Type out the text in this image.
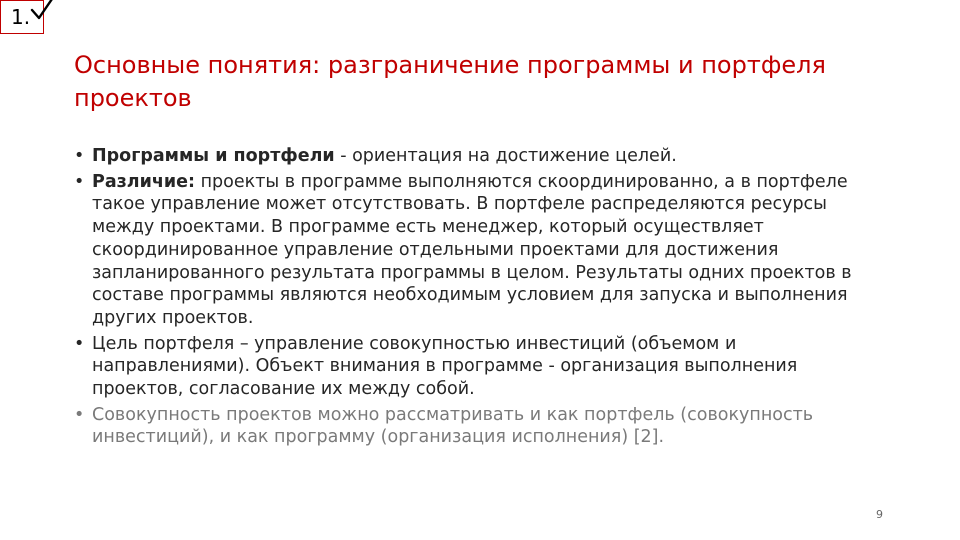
1.
Основные понятия: разграничение программы и портфеля проектов
• Программы и портфели - ориентация на достижение целей.
• Различие: проекты в программе выполняются скоординированно, а в портфеле такое управление может отсутствовать. В портфеле распределяются ресурсы между проектами. В программе есть менеджер, который осуществляет скоординированное управление отдельными проектами для достижения запланированного результата программы в целом. Результаты одних проектов в составе программы являются необходимым условием для запуска и выполнения других проектов.
• Цель портфеля – управление совокупностью инвестиций (объемом и направлениями). Объект внимания в программе - организация выполнения проектов, согласование их между собой.
• Совокупность проектов можно рассматривать и как портфель (совокупность инвестиций), и как программу (организация исполнения) [2].
9
